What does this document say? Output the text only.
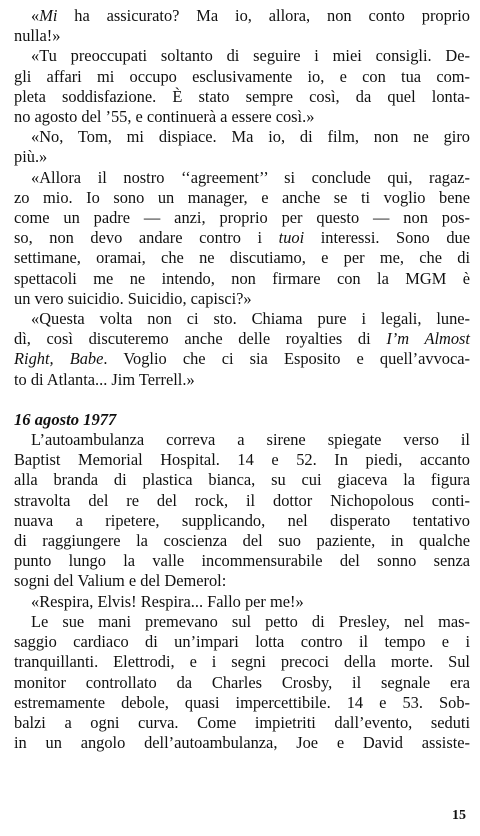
«Mi ha assicurato? Ma io, allora, non conto proprio
nulla!»
«Tu preoccupati soltanto di seguire i miei consigli. De-
gli affari mi occupo esclusivamente io, e con tua com-
pleta soddisfazione. È stato sempre così, da quel lonta-
no agosto del ’55, e continuerà a essere così.»
«No, Tom, mi dispiace. Ma io, di film, non ne giro
più.»
«Allora il nostro ‘‘agreement’’ si conclude qui, ragaz-
zo mio. Io sono un manager, e anche se ti voglio bene
come un padre — anzi, proprio per questo — non pos-
so, non devo andare contro i tuoi interessi. Sono due
settimane, oramai, che ne discutiamo, e per me, che di
spettacoli me ne intendo, non firmare con la MGM è
un vero suicidio. Suicidio, capisci?»
«Questa volta non ci sto. Chiama pure i legali, lune-
dì, così discuteremo anche delle royalties di I’m Almost
Right, Babe. Voglio che ci sia Esposito e quell’avvoca-
to di Atlanta... Jim Terrell.»
16 agosto 1977
L’autoambulanza correva a sirene spiegate verso il
Baptist Memorial Hospital. 14 e 52. In piedi, accanto
alla branda di plastica bianca, su cui giaceva la figura
stravolta del re del rock, il dottor Nichopolous conti-
nuava a ripetere, supplicando, nel disperato tentativo
di raggiungere la coscienza del suo paziente, in qualche
punto lungo la valle incommensurabile del sonno senza
sogni del Valium e del Demerol:
«Respira, Elvis! Respira... Fallo per me!»
Le sue mani premevano sul petto di Presley, nel mas-
saggio cardiaco di un’impari lotta contro il tempo e i
tranquillanti. Elettrodi, e i segni precoci della morte. Sul
monitor controllato da Charles Crosby, il segnale era
estremamente debole, quasi impercettibile. 14 e 53. Sob-
balzi a ogni curva. Come impietriti dall’evento, seduti
in un angolo dell’autoambulanza, Joe e David assiste-
15
